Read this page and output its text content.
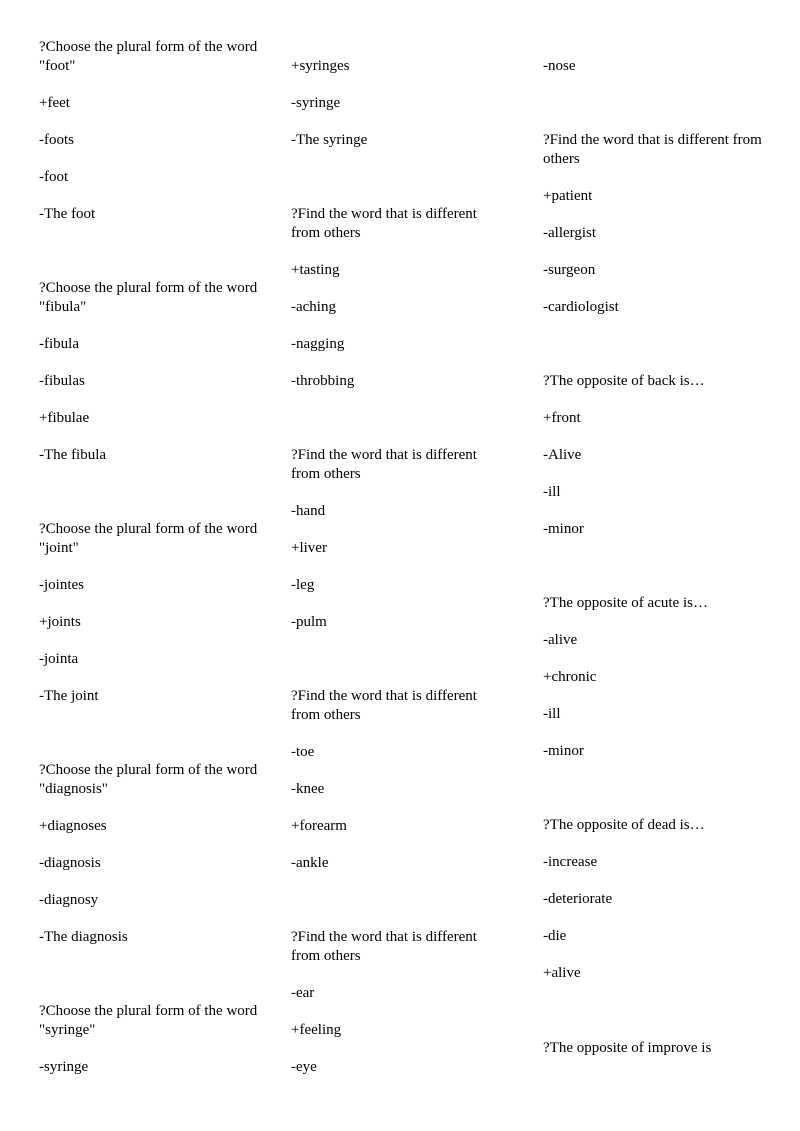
?Choose the plural form of the word "foot"
+feet
-foots
-foot
-The foot
?Choose the plural form of the word "fibula"
-fibula
-fibulas
+fibulae
-The fibula
?Choose the plural form of the word "joint"
-jointes
+joints
-jointa
-The joint
?Choose the plural form of the word "diagnosis"
+diagnoses
-diagnosis
-diagnosy
-The diagnosis
?Choose the plural form of the word "syringe"
-syringe
+syringes
-syringe
-The syringe
?Find the word that is different from others
+tasting
-aching
-nagging
-throbbing
?Find the word that is different from others
-hand
+liver
-leg
-pulm
?Find the word that is different from others
-toe
-knee
+forearm
-ankle
?Find the word that is different from others
-ear
+feeling
-eye
-nose
?Find the word that is different from others
+patient
-allergist
-surgeon
-cardiologist
?The opposite of back is…
+front
-Alive
-ill
-minor
?The opposite of acute is…
-alive
+chronic
-ill
-minor
?The opposite of dead is…
-increase
-deteriorate
-die
+alive
?The opposite of improve is
